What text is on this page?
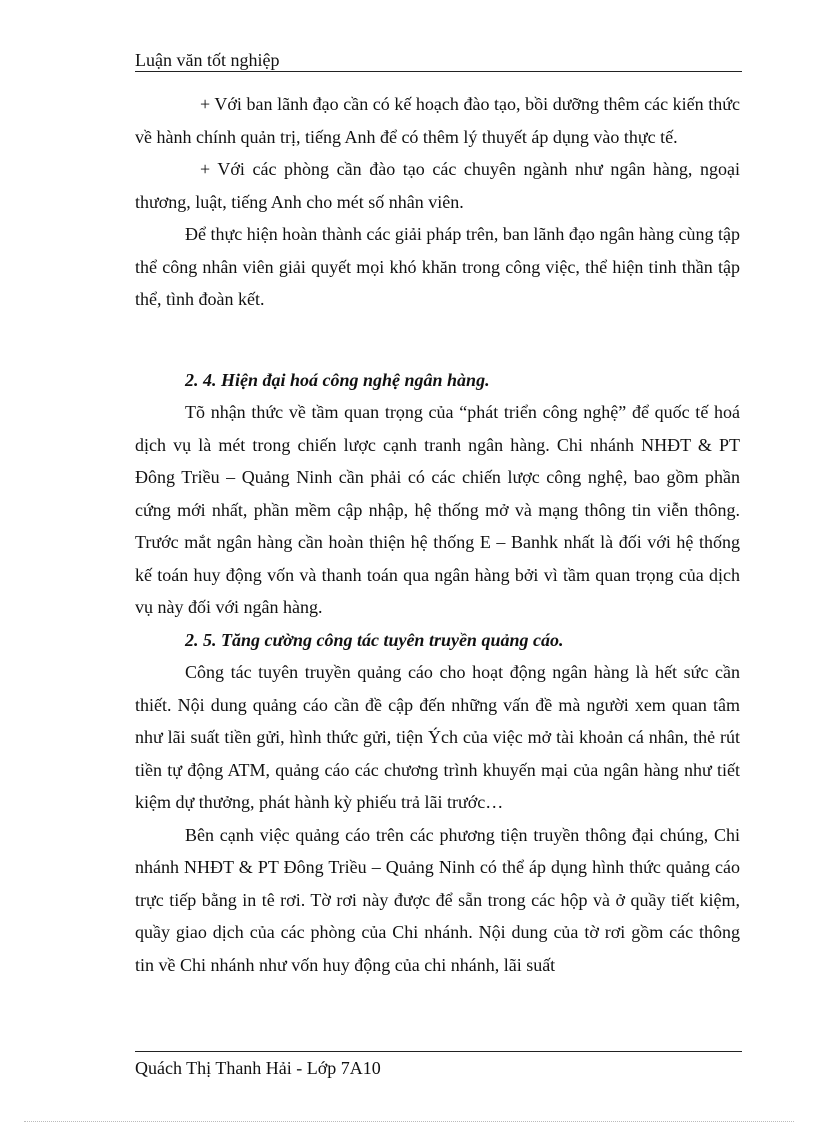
Luận văn tốt nghiệp

+ Với ban lãnh đạo cần có kế hoạch đào tạo, bồi dưỡng thêm các kiến thức về hành chính quản trị, tiếng Anh để có thêm lý thuyết áp dụng vào thực tế.

+ Với các phòng cần đào tạo các chuyên ngành như ngân hàng, ngoại thương, luật, tiếng Anh cho mét số nhân viên.

Để thực hiện hoàn thành các giải pháp trên, ban lãnh đạo ngân hàng cùng tập thể công nhân viên giải quyết mọi khó khăn trong công việc, thể hiện tinh thần tập thể, tình đoàn kết.

2. 4. Hiện đại hoá công nghệ ngân hàng.

Tõ nhận thức về tầm quan trọng của “phát triển công nghệ” để quốc tế hoá dịch vụ là mét trong chiến lược cạnh tranh ngân hàng. Chi nhánh NHĐT & PT Đông Triều – Quảng Ninh cần phải có các chiến lược công nghệ, bao gồm phần cứng mới nhất, phần mềm cập nhập, hệ thống mở và mạng thông tin viễn thông. Trước mắt ngân hàng cần hoàn thiện hệ thống E – Banhk nhất là đối với hệ thống kế toán huy động vốn và thanh toán qua ngân hàng bởi vì tầm quan trọng của dịch vụ này đối với ngân hàng.

2. 5. Tăng cường công tác tuyên truyền quảng cáo.

Công tác tuyên truyền quảng cáo cho hoạt động ngân hàng là hết sức cần thiết. Nội dung quảng cáo cần đề cập đến những vấn đề mà người xem quan tâm như lãi suất tiền gửi, hình thức gửi, tiện Ých của việc mở tài khoản cá nhân, thẻ rút tiền tự động ATM, quảng cáo các chương trình khuyến mại của ngân hàng như tiết kiệm dự thưởng, phát hành kỳ phiếu trả lãi trước…

Bên cạnh việc quảng cáo trên các phương tiện truyền thông đại chúng, Chi nhánh NHĐT & PT Đông Triều – Quảng Ninh có thể áp dụng hình thức quảng cáo trực tiếp bằng in tê rơi. Tờ rơi này được để sẵn trong các hộp và ở quầy tiết kiệm, quầy giao dịch của các phòng của Chi nhánh. Nội dung của tờ rơi gồm các thông tin về Chi nhánh như vốn huy động của chi nhánh, lãi suất

Quách Thị Thanh Hải - Lớp 7A10
